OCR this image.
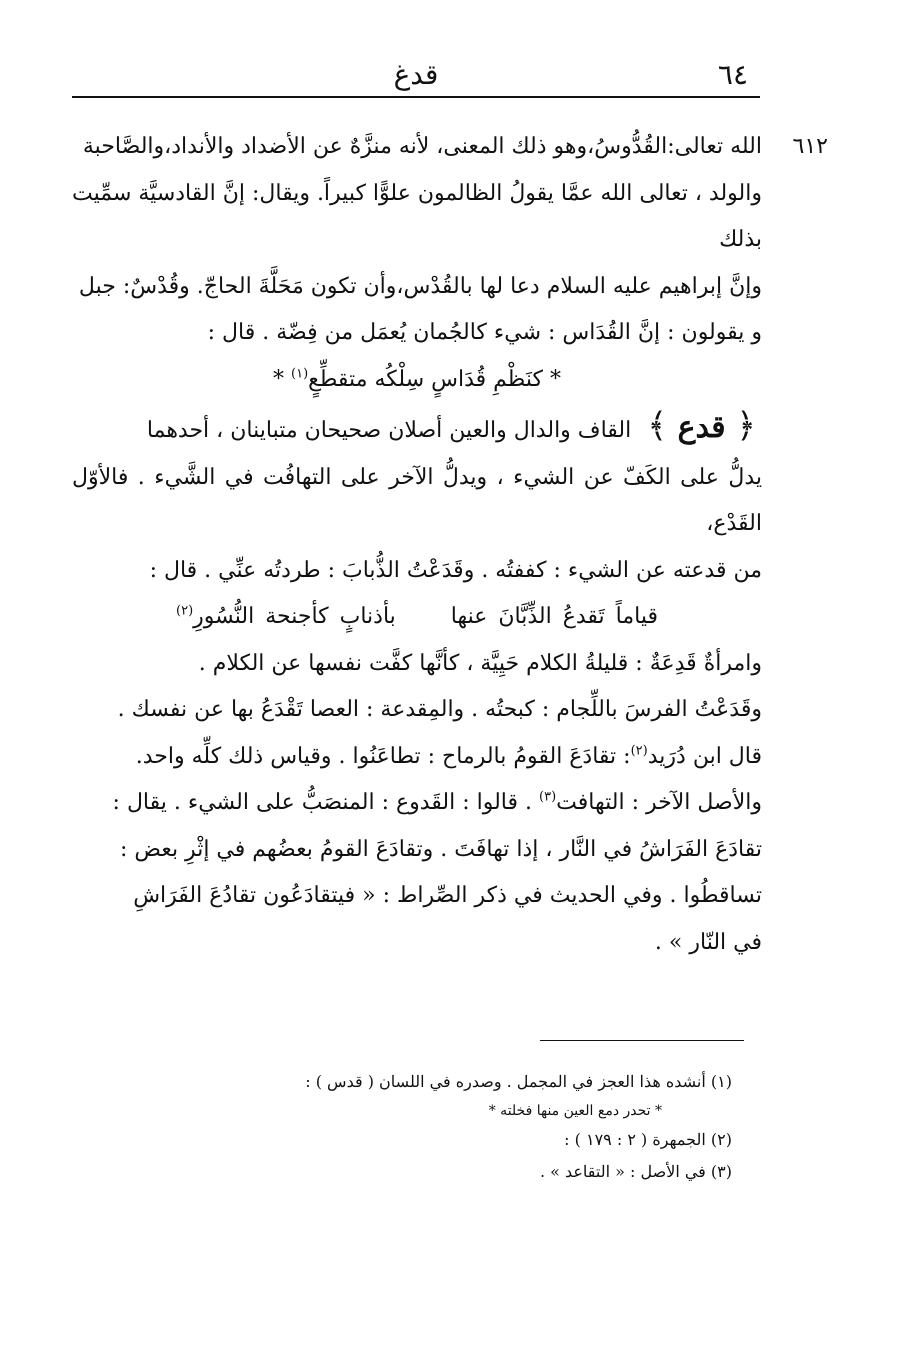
٦٤
قدغ
٦١٢

الله تعالى:القُدُّوسُ،وهو ذلك المعنى، لأنه منزَّهٌ عن الأضداد والأنداد،والصَّاحبة

والولد ، تعالى الله عمَّا يقولُ الظالمون علوًّا كبيراً. ويقال: إنَّ القادسيَّة سمِّيت بذلك

وإنَّ إبراهيم عليه السلام دعا لها بالقُدْس،وأن تكون مَحَلَّةَ الحاجّ. وقُدْسٌ: جبل

و يقولون : إنَّ القُدَاس : شيء كالجُمان يُعمَل من فِضّة . قال :

* كنَظْمِ قُدَاسٍ سِلْكُه متقطِّعٍ$^{(١)}$ *

﴿ قدع ﴾القاف والدال والعين أصلان صحيحان متباينان ، أحدهما

يدلُّ على الكَفّ عن الشيء ، ويدلُّ الآخر على التهافُت في الشَّيء . فالأوّل القَدْع،

من قدعته عن الشيء : كففتُه . وقَدَعْتُ الذُّبابَ : طردتُه عنِّي . قال :

قياماً تَقدعُ الذِّبَّانَ عنها     بأذنابٍ كأجنحة النُّسُورِ$^{(٢)}$

وامرأةٌ قَدِعَةٌ : قليلةُ الكلام حَيِيَّة ، كأنَّها كفَّت نفسها عن الكلام .

وقَدَعْتُ الفرسَ باللِّجام : كبحتُه . والمِقدعة : العصا تَقْدَعُ بها عن نفسك .

قال ابن دُرَيد$^{(٢)}$: تقادَعَ القومُ بالرماح : تطاعَنُوا . وقياس ذلك كلِّه واحد.

والأصل الآخر : التهافت$^{(٣)}$ . قالوا : القَدوع : المنصَبُّ على الشيء . يقال :

تقادَعَ الفَرَاشُ في النَّار ، إذا تهافَتَ . وتقادَعَ القومُ بعضُهم في إثْرِ بعض :

تساقطُوا . وفي الحديث في ذكر الصِّراط : « فيتقادَعُون تقادُعَ الفَرَاشِ

في النّار » .

(١) أنشده هذا العجز في المجمل . وصدره في اللسان ( قدس ) :

* تحدر دمع العين منها فخلته *

(٢) الجمهرة ( ٢ : ١٧٩ ) :

(٣) في الأصل : « التقاعد » .
